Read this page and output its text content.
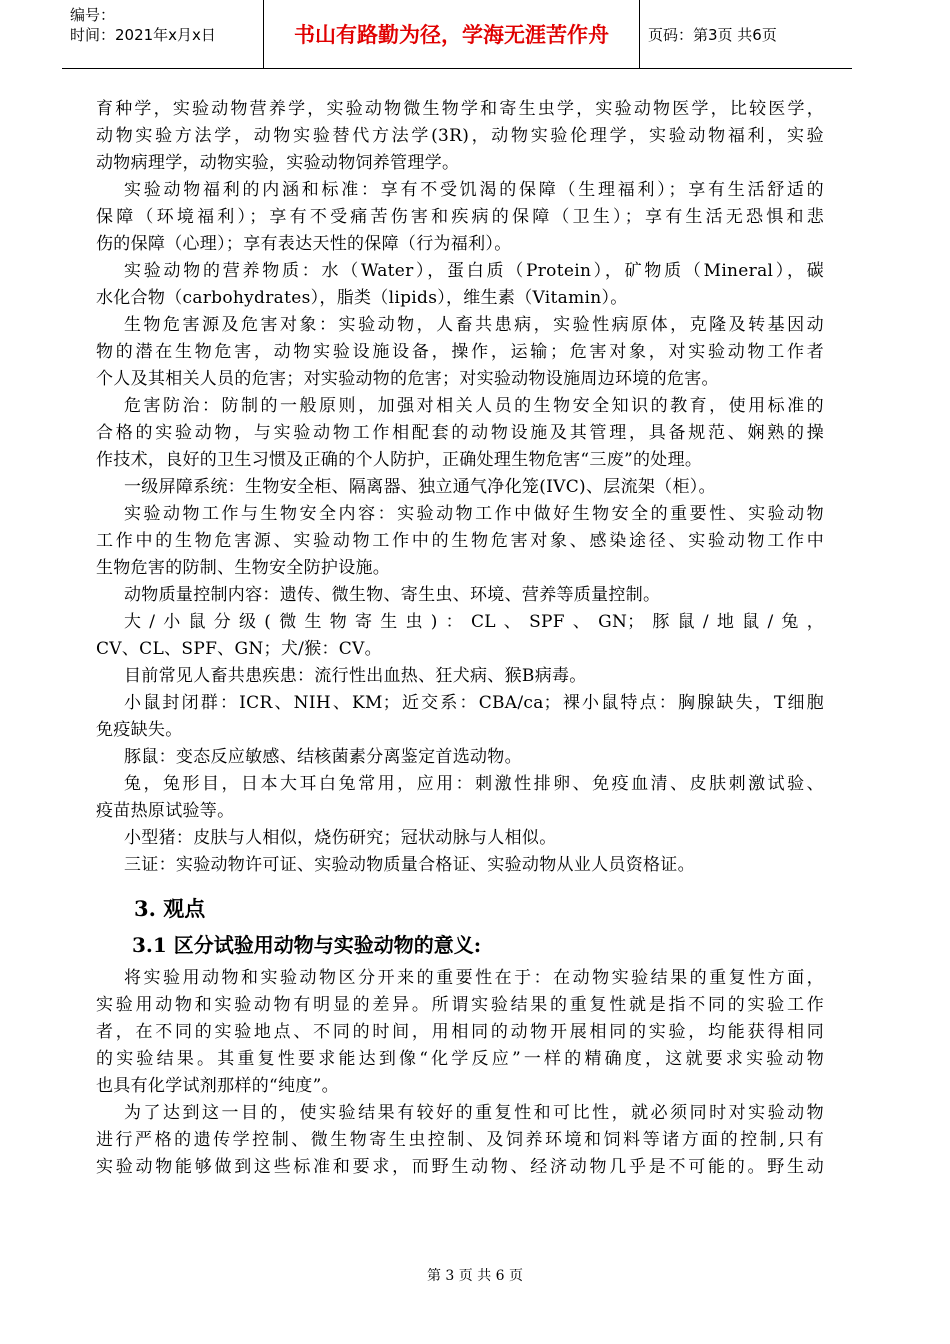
编号：
时间：2021年x月x日	书山有路勤为径，学海无涯苦作舟	页码：第3页 共6页
育种学，实验动物营养学，实验动物微生物学和寄生虫学，实验动物医学，比较医学，
动物实验方法学，动物实验替代方法学(3R)，动物实验伦理学，实验动物福利，实验
动物病理学，动物实验，实验动物饲养管理学。
实验动物福利的内涵和标准：享有不受饥渴的保障（生理福利）；享有生活舒适的
保障（环境福利）；享有不受痛苦伤害和疾病的保障（卫生）；享有生活无恐惧和悲
伤的保障（心理）；享有表达天性的保障（行为福利）。
实验动物的营养物质：水（Water），蛋白质（Protein），矿物质（Mineral），碳
水化合物（carbohydrates），脂类（lipids），维生素（Vitamin）。
生物危害源及危害对象：实验动物，人畜共患病，实验性病原体，克隆及转基因动
物的潜在生物危害，动物实验设施设备，操作，运输；危害对象，对实验动物工作者
个人及其相关人员的危害；对实验动物的危害；对实验动物设施周边环境的危害。
危害防治：防制的一般原则，加强对相关人员的生物安全知识的教育，使用标准的
合格的实验动物，与实验动物工作相配套的动物设施及其管理，具备规范、娴熟的操
作技术，良好的卫生习惯及正确的个人防护，正确处理生物危害“三废”的处理。
一级屏障系统：生物安全柜、隔离器、独立通气净化笼(IVC)、层流架（柜）。
实验动物工作与生物安全内容：实验动物工作中做好生物安全的重要性、实验动物
工作中的生物危害源、实验动物工作中的生物危害对象、感染途径、实验动物工作中
生物危害的防制、生物安全防护设施。
动物质量控制内容：遗传、微生物、寄生虫、环境、营养等质量控制。
大/小鼠分级(微生物寄生虫)：CL、SPF、GN；豚鼠/地鼠/兔，
CV、CL、SPF、GN；犬/猴：CV。
目前常见人畜共患疾患：流行性出血热、狂犬病、猴B病毒。
小鼠封闭群：ICR、NIH、KM；近交系：CBA/ca；裸小鼠特点：胸腺缺失，T细胞
免疫缺失。
豚鼠：变态反应敏感、结核菌素分离鉴定首选动物。
兔，兔形目，日本大耳白兔常用，应用：刺激性排卵、免疫血清、皮肤刺激试验、
疫苗热原试验等。
小型猪：皮肤与人相似，烧伤研究；冠状动脉与人相似。
三证：实验动物许可证、实验动物质量合格证、实验动物从业人员资格证。
3. 观点
3.1 区分试验用动物与实验动物的意义:
将实验用动物和实验动物区分开来的重要性在于：在动物实验结果的重复性方面，
实验用动物和实验动物有明显的差异。所谓实验结果的重复性就是指不同的实验工作
者，在不同的实验地点、不同的时间，用相同的动物开展相同的实验，均能获得相同
的实验结果。其重复性要求能达到像“化学反应”一样的精确度，这就要求实验动物
也具有化学试剂那样的“纯度”。
为了达到这一目的，使实验结果有较好的重复性和可比性，就必须同时对实验动物
进行严格的遗传学控制、微生物寄生虫控制、及饲养环境和饲料等诸方面的控制,只有
实验动物能够做到这些标准和要求，而野生动物、经济动物几乎是不可能的。野生动
第 3 页 共 6 页
